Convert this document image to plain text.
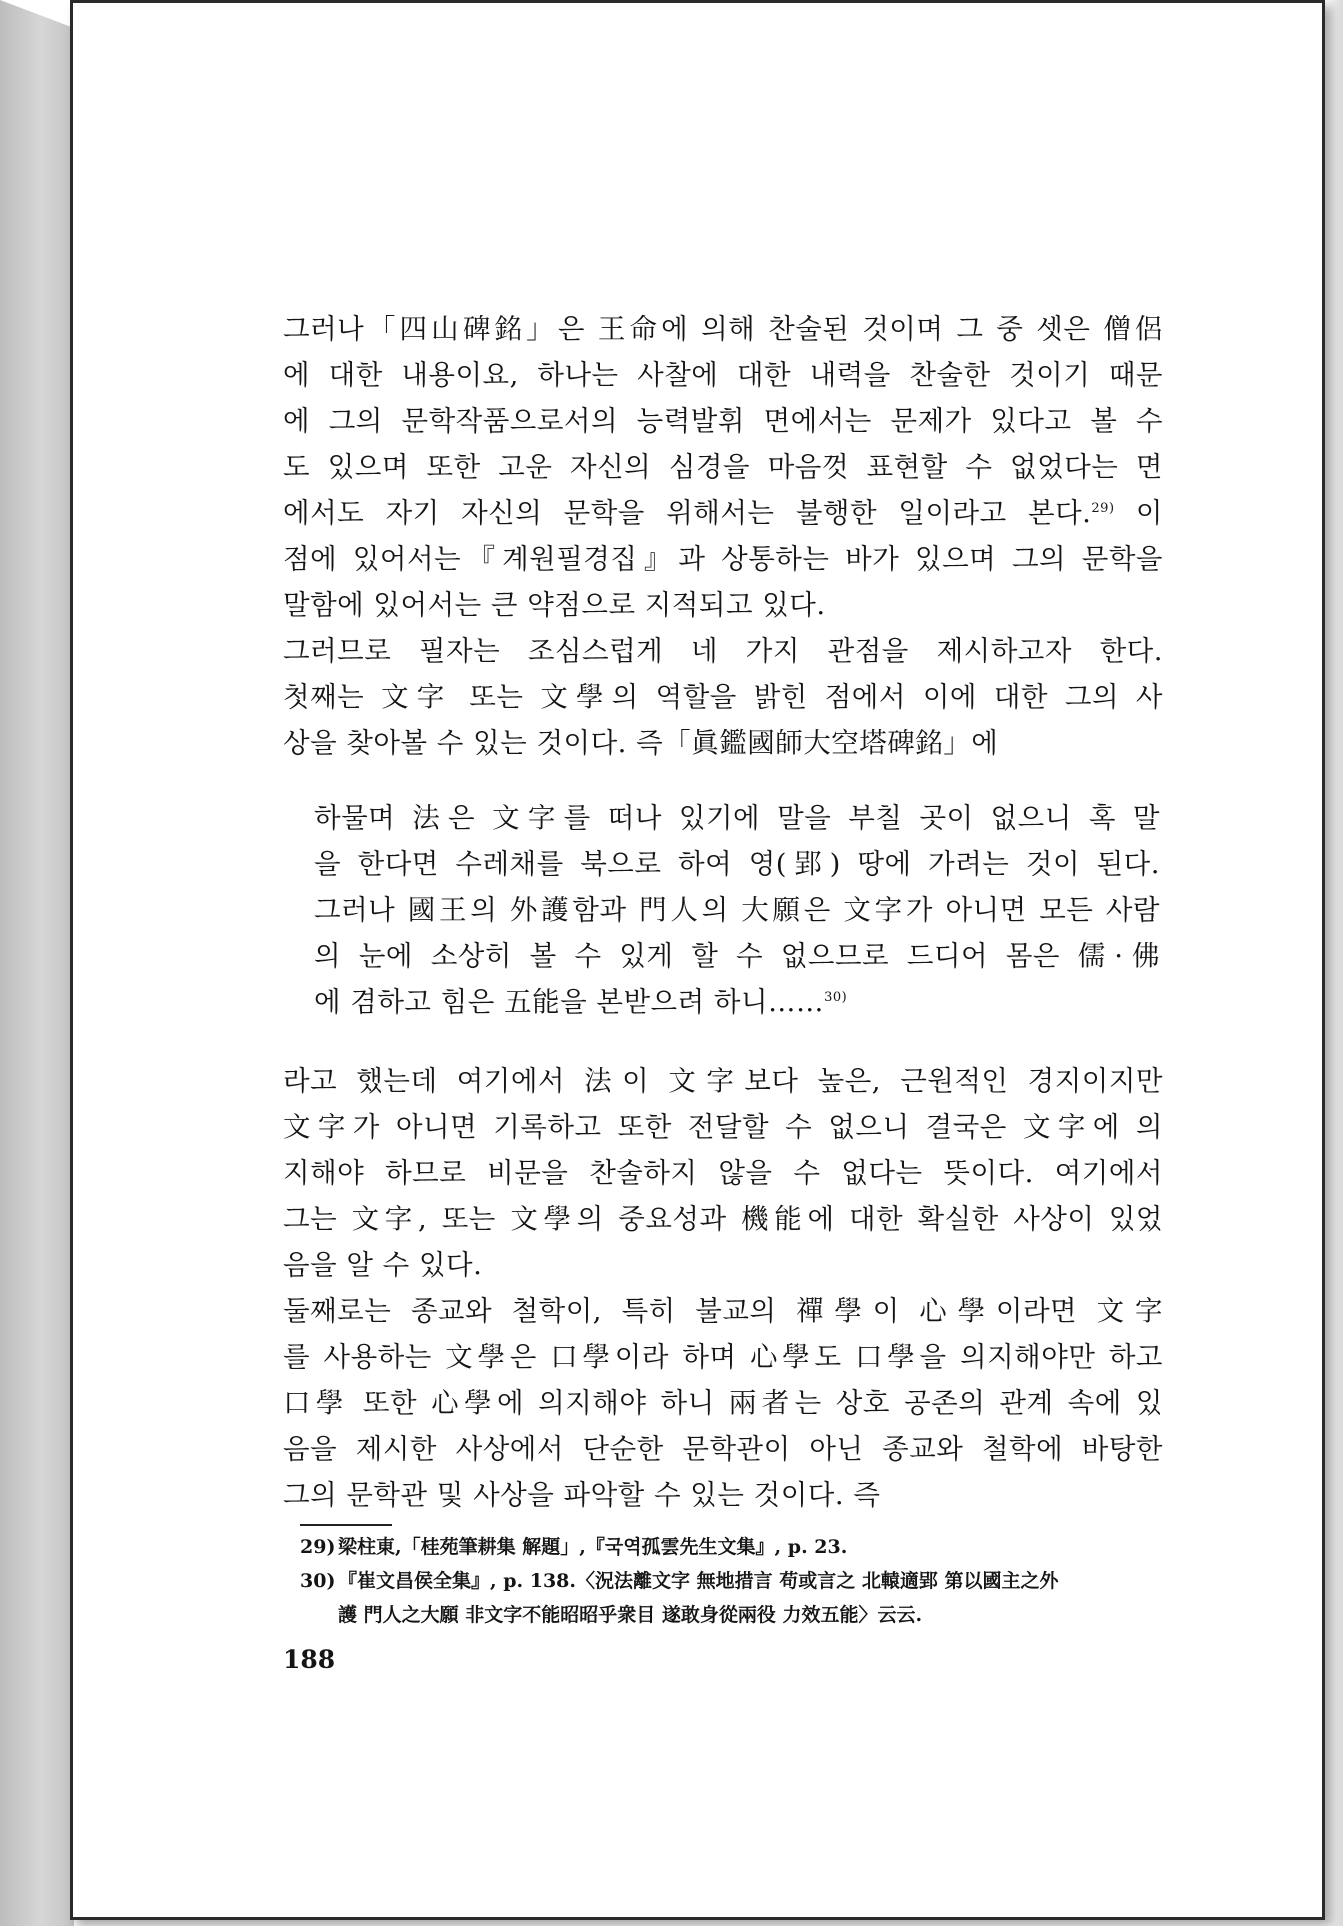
그러나「四山碑銘」은 王命에 의해 찬술된 것이며 그 중 셋은 僧侶
에 대한 내용이요, 하나는 사찰에 대한 내력을 찬술한 것이기 때문
에 그의 문학작품으로서의 능력발휘 면에서는 문제가 있다고 볼 수
도 있으며 또한 고운 자신의 심경을 마음껏 표현할 수 없었다는 면
에서도 자기 자신의 문학을 위해서는 불행한 일이라고 본다.$^{29)}$ 이
점에 있어서는『계원필경집』과 상통하는 바가 있으며 그의 문학을
말함에 있어서는 큰 약점으로 지적되고 있다.
그러므로 필자는 조심스럽게 네 가지 관점을 제시하고자 한다.
첫째는 文字 또는 文學의 역할을 밝힌 점에서 이에 대한 그의 사
상을 찾아볼 수 있는 것이다. 즉「眞鑑國師大空塔碑銘」에
하물며 法은 文字를 떠나 있기에 말을 부칠 곳이 없으니 혹 말
을 한다면 수레채를 북으로 하여 영(郢) 땅에 가려는 것이 된다.
그러나 國王의 外護함과 門人의 大願은 文字가 아니면 모든 사람
의 눈에 소상히 볼 수 있게 할 수 없으므로 드디어 몸은 儒·佛
에 겸하고 힘은 五能을 본받으려 하니……$^{30)}$
라고 했는데 여기에서 法이 文字보다 높은, 근원적인 경지이지만
文字가 아니면 기록하고 또한 전달할 수 없으니 결국은 文字에 의
지해야 하므로 비문을 찬술하지 않을 수 없다는 뜻이다. 여기에서
그는 文字, 또는 文學의 중요성과 機能에 대한 확실한 사상이 있었
음을 알 수 있다.
둘째로는 종교와 철학이, 특히 불교의 禪學이 心學이라면 文字
를 사용하는 文學은 口學이라 하며 心學도 口學을 의지해야만 하고
口學 또한 心學에 의지해야 하니 兩者는 상호 공존의 관계 속에 있
음을 제시한 사상에서 단순한 문학관이 아닌 종교와 철학에 바탕한
그의 문학관 및 사상을 파악할 수 있는 것이다. 즉
29) 梁柱東,「桂苑筆耕集 解題」,『국역孤雲先生文集』, p. 23.
30) 『崔文昌侯全集』, p. 138.〈況法離文字 無地措言 苟或言之 北轅適郢 第以國主之外
護 門人之大願 非文字不能昭昭乎衆目 遂敢身從兩役 力效五能〉云云.
188
